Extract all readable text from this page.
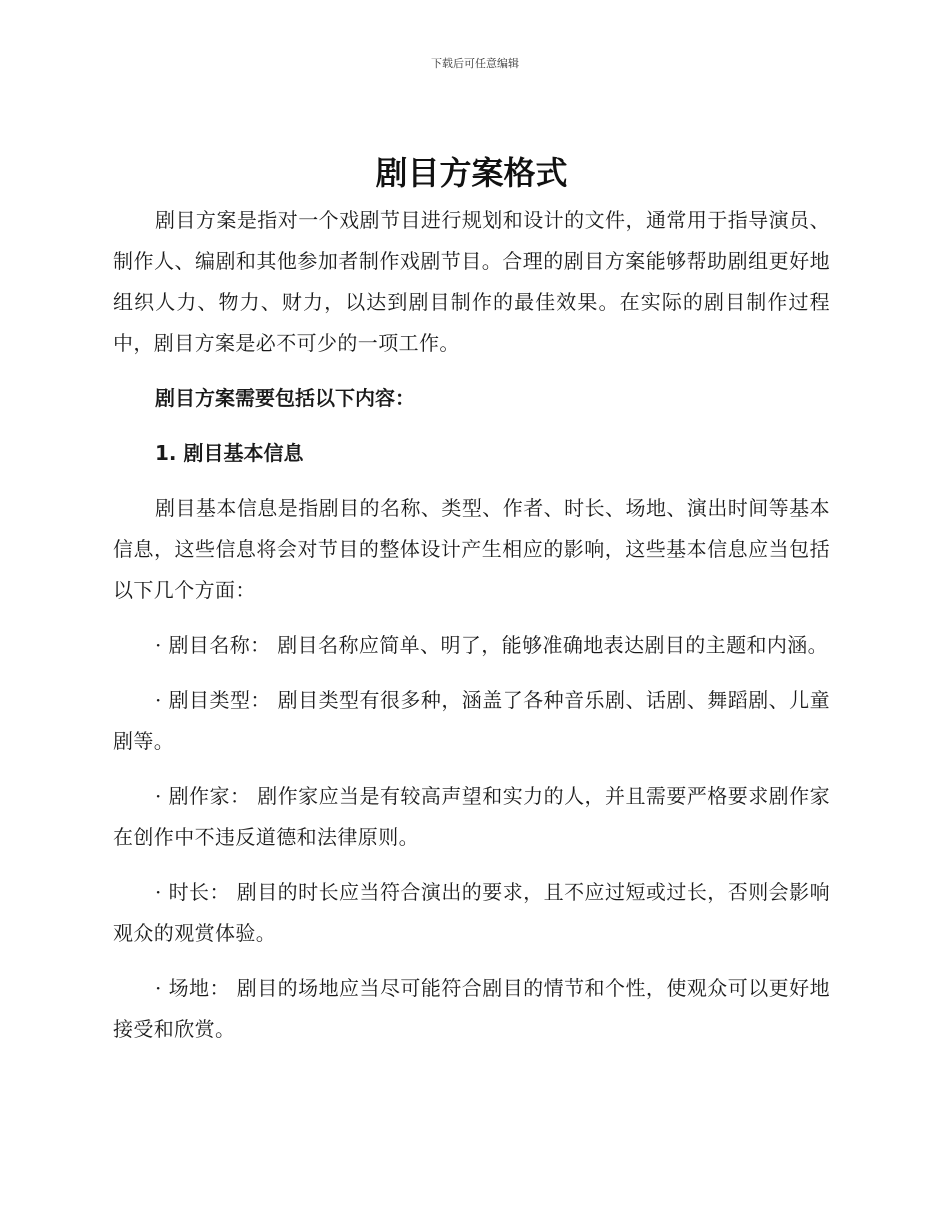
下载后可任意编辑
剧目方案格式

剧目方案是指对一个戏剧节目进行规划和设计的文件，通常用于指导演员、制作人、编剧和其他参加者制作戏剧节目。合理的剧目方案能够帮助剧组更好地组织人力、物力、财力，以达到剧目制作的最佳效果。在实际的剧目制作过程中，剧目方案是必不可少的一项工作。

剧目方案需要包括以下内容：

1. 剧目基本信息

剧目基本信息是指剧目的名称、类型、作者、时长、场地、演出时间等基本信息，这些信息将会对节目的整体设计产生相应的影响，这些基本信息应当包括以下几个方面：

· 剧目名称： 剧目名称应简单、明了，能够准确地表达剧目的主题和内涵。

· 剧目类型： 剧目类型有很多种，涵盖了各种音乐剧、话剧、舞蹈剧、儿童剧等。

· 剧作家： 剧作家应当是有较高声望和实力的人，并且需要严格要求剧作家在创作中不违反道德和法律原则。

· 时长： 剧目的时长应当符合演出的要求，且不应过短或过长，否则会影响观众的观赏体验。

· 场地： 剧目的场地应当尽可能符合剧目的情节和个性，使观众可以更好地接受和欣赏。
